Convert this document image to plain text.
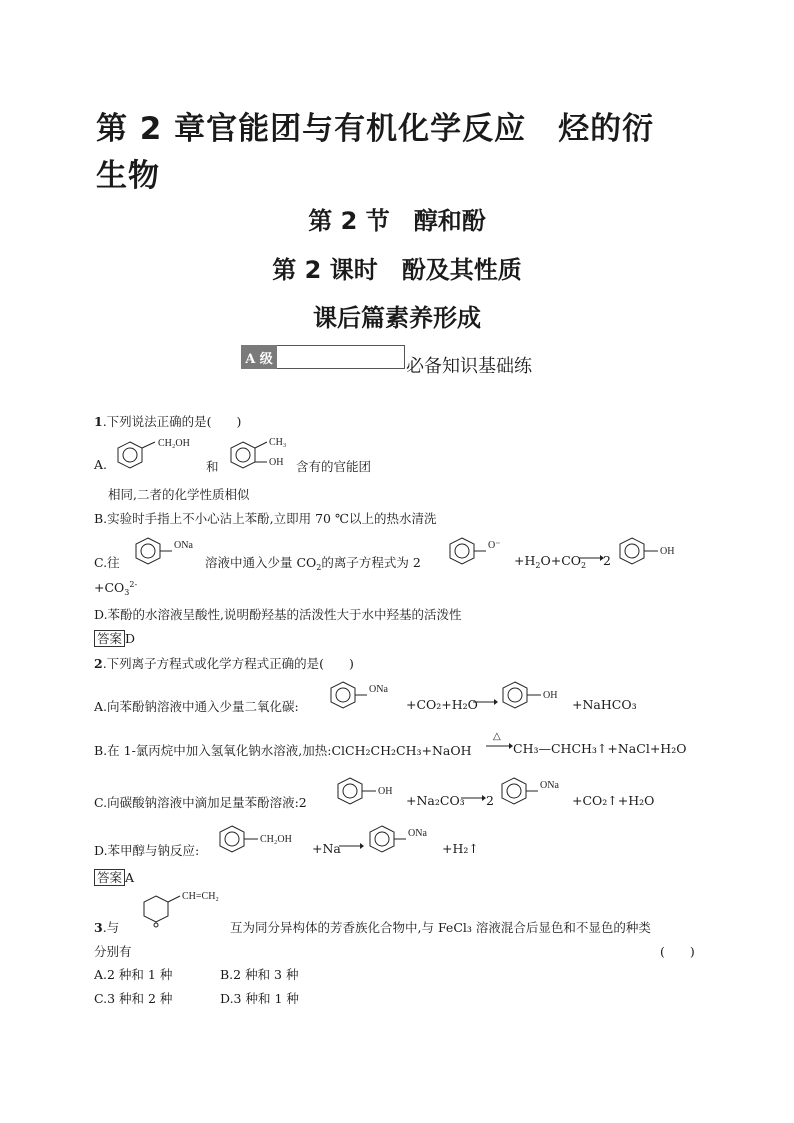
第 2 章官能团与有机化学反应　烃的衍
生物
第 2 节　醇和酚
第 2 课时　酚及其性质
课后篇素养形成
A 级	必备知识基础练
1.下列说法正确的是(　　)
A.
CH₂OH
和
CH₃
OH 含有的官能团
相同,二者的化学性质相似
B.实验时手指上不小心沾上苯酚,立即用 70 ℃以上的热水清洗
C.往
ONa
溶液中通入少量 $CO_2$的离子方程式为 2
O⁻
$+H_2O+CO_2 \to 2$
OH
$+CO_3^{2-}$
D.苯酚的水溶液呈酸性,说明酚羟基的活泼性大于水中羟基的活泼性
答案 D
2.下列离子方程式或化学方程式正确的是(　　)
A.向苯酚钠溶液中通入少量二氧化碳:
ONa
+CO₂+H₂O
OH
+NaHCO₃
B.在 1-氯丙烷中加入氢氧化钠水溶液,加热:ClCH₂CH₂CH₃+NaOH
△
CH₃—CHCH₃↑+NaCl+H₂O
C.向碳酸钠溶液中滴加足量苯酚溶液:2
OH
+Na₂CO₃ 2
ONa
+CO₂↑+H₂O
D.苯甲醇与钠反应:
CH₂OH
+Na
ONa
+H₂↑
答案 A
CH=CH₂
3.与	互为同分异构体的芳香族化合物中,与 FeCl₃ 溶液混合后显色和不显色的种类
分别有	(　　)
A.2 种和 1 种	B.2 种和 3 种
C.3 种和 2 种	D.3 种和 1 种
